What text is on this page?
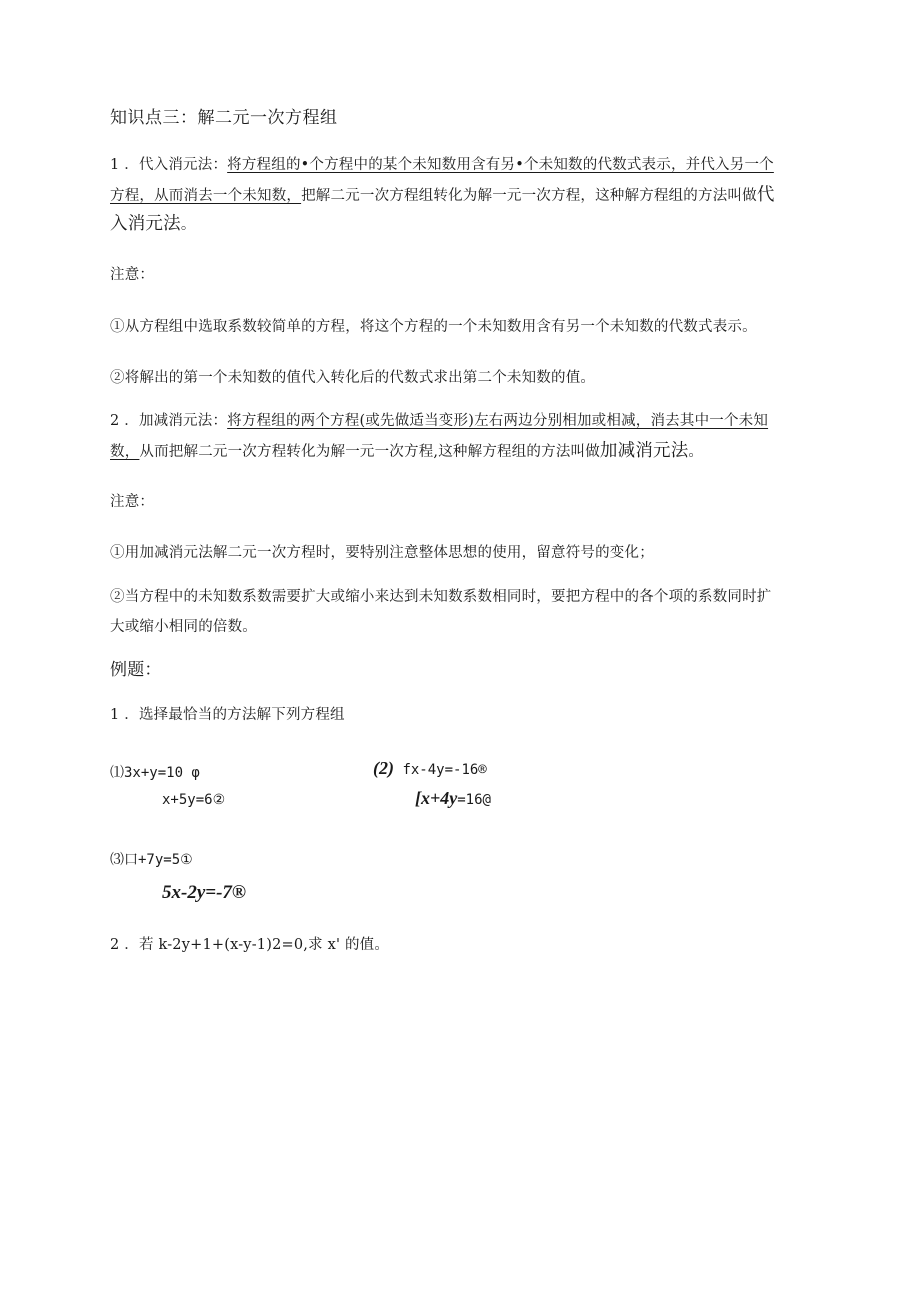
知识点三：解二元一次方程组
1 ．代入消元法：将方程组的•个方程中的某个未知数用含有另•个未知数的代数式表示，并代入另一个
方程，从而消去一个未知数，把解二元一次方程组转化为解一元一次方程，这种解方程组的方法叫做代
入消元法。
注意：
①从方程组中选取系数较简单的方程，将这个方程的一个未知数用含有另一个未知数的代数式表示。
②将解出的第一个未知数的值代入转化后的代数式求出第二个未知数的值。
2 ．加减消元法：将方程组的两个方程(或先做适当变形)左右两边分别相加或相减，消去其中一个未知
数，从而把解二元一次方程转化为解一元一次方程,这种解方程组的方法叫做加减消元法。
注意：
①用加减消元法解二元一次方程时，要特别注意整体思想的使用，留意符号的变化；
②当方程中的未知数系数需要扩大或缩小来达到未知数系数相同时，要把方程中的各个项的系数同时扩
大或缩小相同的倍数。
例题：
1 ．选择最恰当的方法解下列方程组
⑴3x+y=10 φ
x+5y=6②
(2) fx-4y=-16®
[x+4y=16@
⑶口+7y=5①
5x-2y=-7®
2 ．若 k-2y+1+(x-y-1)2=0,求 x' 的值。
